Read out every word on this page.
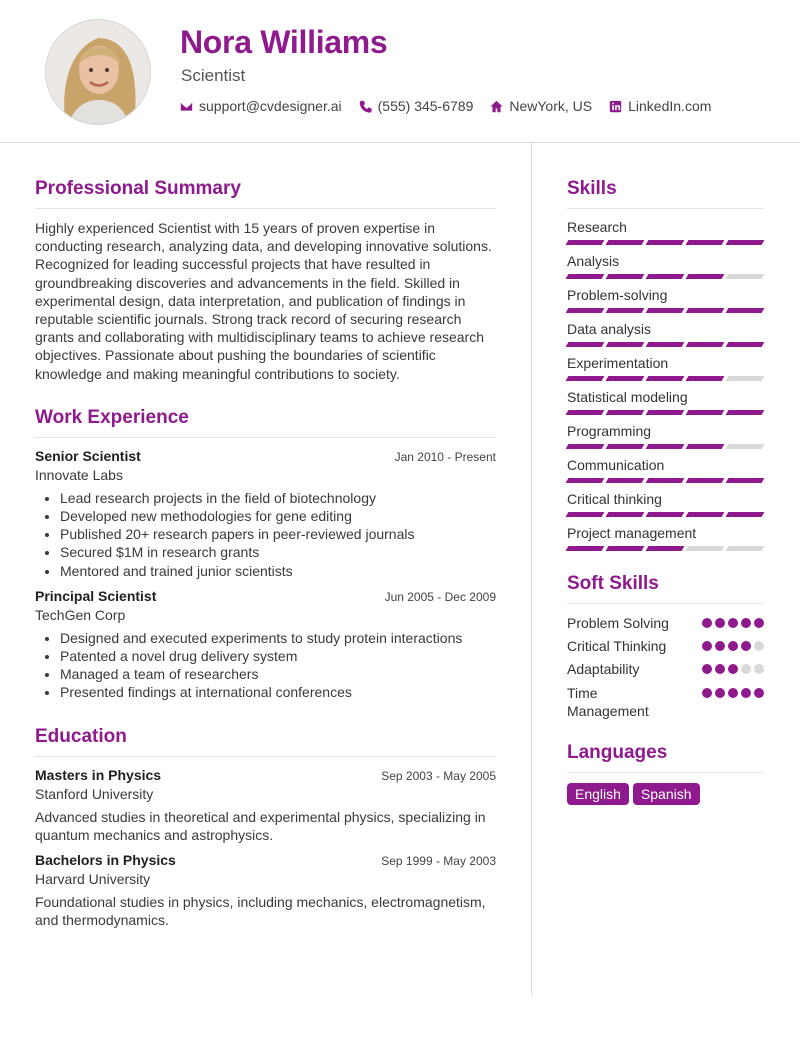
Nora Williams
Scientist
support@cvdesigner.ai	(555) 345-6789	NewYork, US	LinkedIn.com
Professional Summary
Highly experienced Scientist with 15 years of proven expertise in conducting research, analyzing data, and developing innovative solutions. Recognized for leading successful projects that have resulted in groundbreaking discoveries and advancements in the field. Skilled in experimental design, data interpretation, and publication of findings in reputable scientific journals. Strong track record of securing research grants and collaborating with multidisciplinary teams to achieve research objectives. Passionate about pushing the boundaries of scientific knowledge and making meaningful contributions to society.
Work Experience
Senior Scientist	Jan 2010 - Present
Innovate Labs
• Lead research projects in the field of biotechnology
• Developed new methodologies for gene editing
• Published 20+ research papers in peer-reviewed journals
• Secured $1M in research grants
• Mentored and trained junior scientists
Principal Scientist	Jun 2005 - Dec 2009
TechGen Corp
• Designed and executed experiments to study protein interactions
• Patented a novel drug delivery system
• Managed a team of researchers
• Presented findings at international conferences
Education
Masters in Physics	Sep 2003 - May 2005
Stanford University
Advanced studies in theoretical and experimental physics, specializing in quantum mechanics and astrophysics.
Bachelors in Physics	Sep 1999 - May 2003
Harvard University
Foundational studies in physics, including mechanics, electromagnetism, and thermodynamics.
Skills
Research
Analysis
Problem-solving
Data analysis
Experimentation
Statistical modeling
Programming
Communication
Critical thinking
Project management
Soft Skills
Problem Solving
Critical Thinking
Adaptability
Time Management
Languages
English	Spanish
